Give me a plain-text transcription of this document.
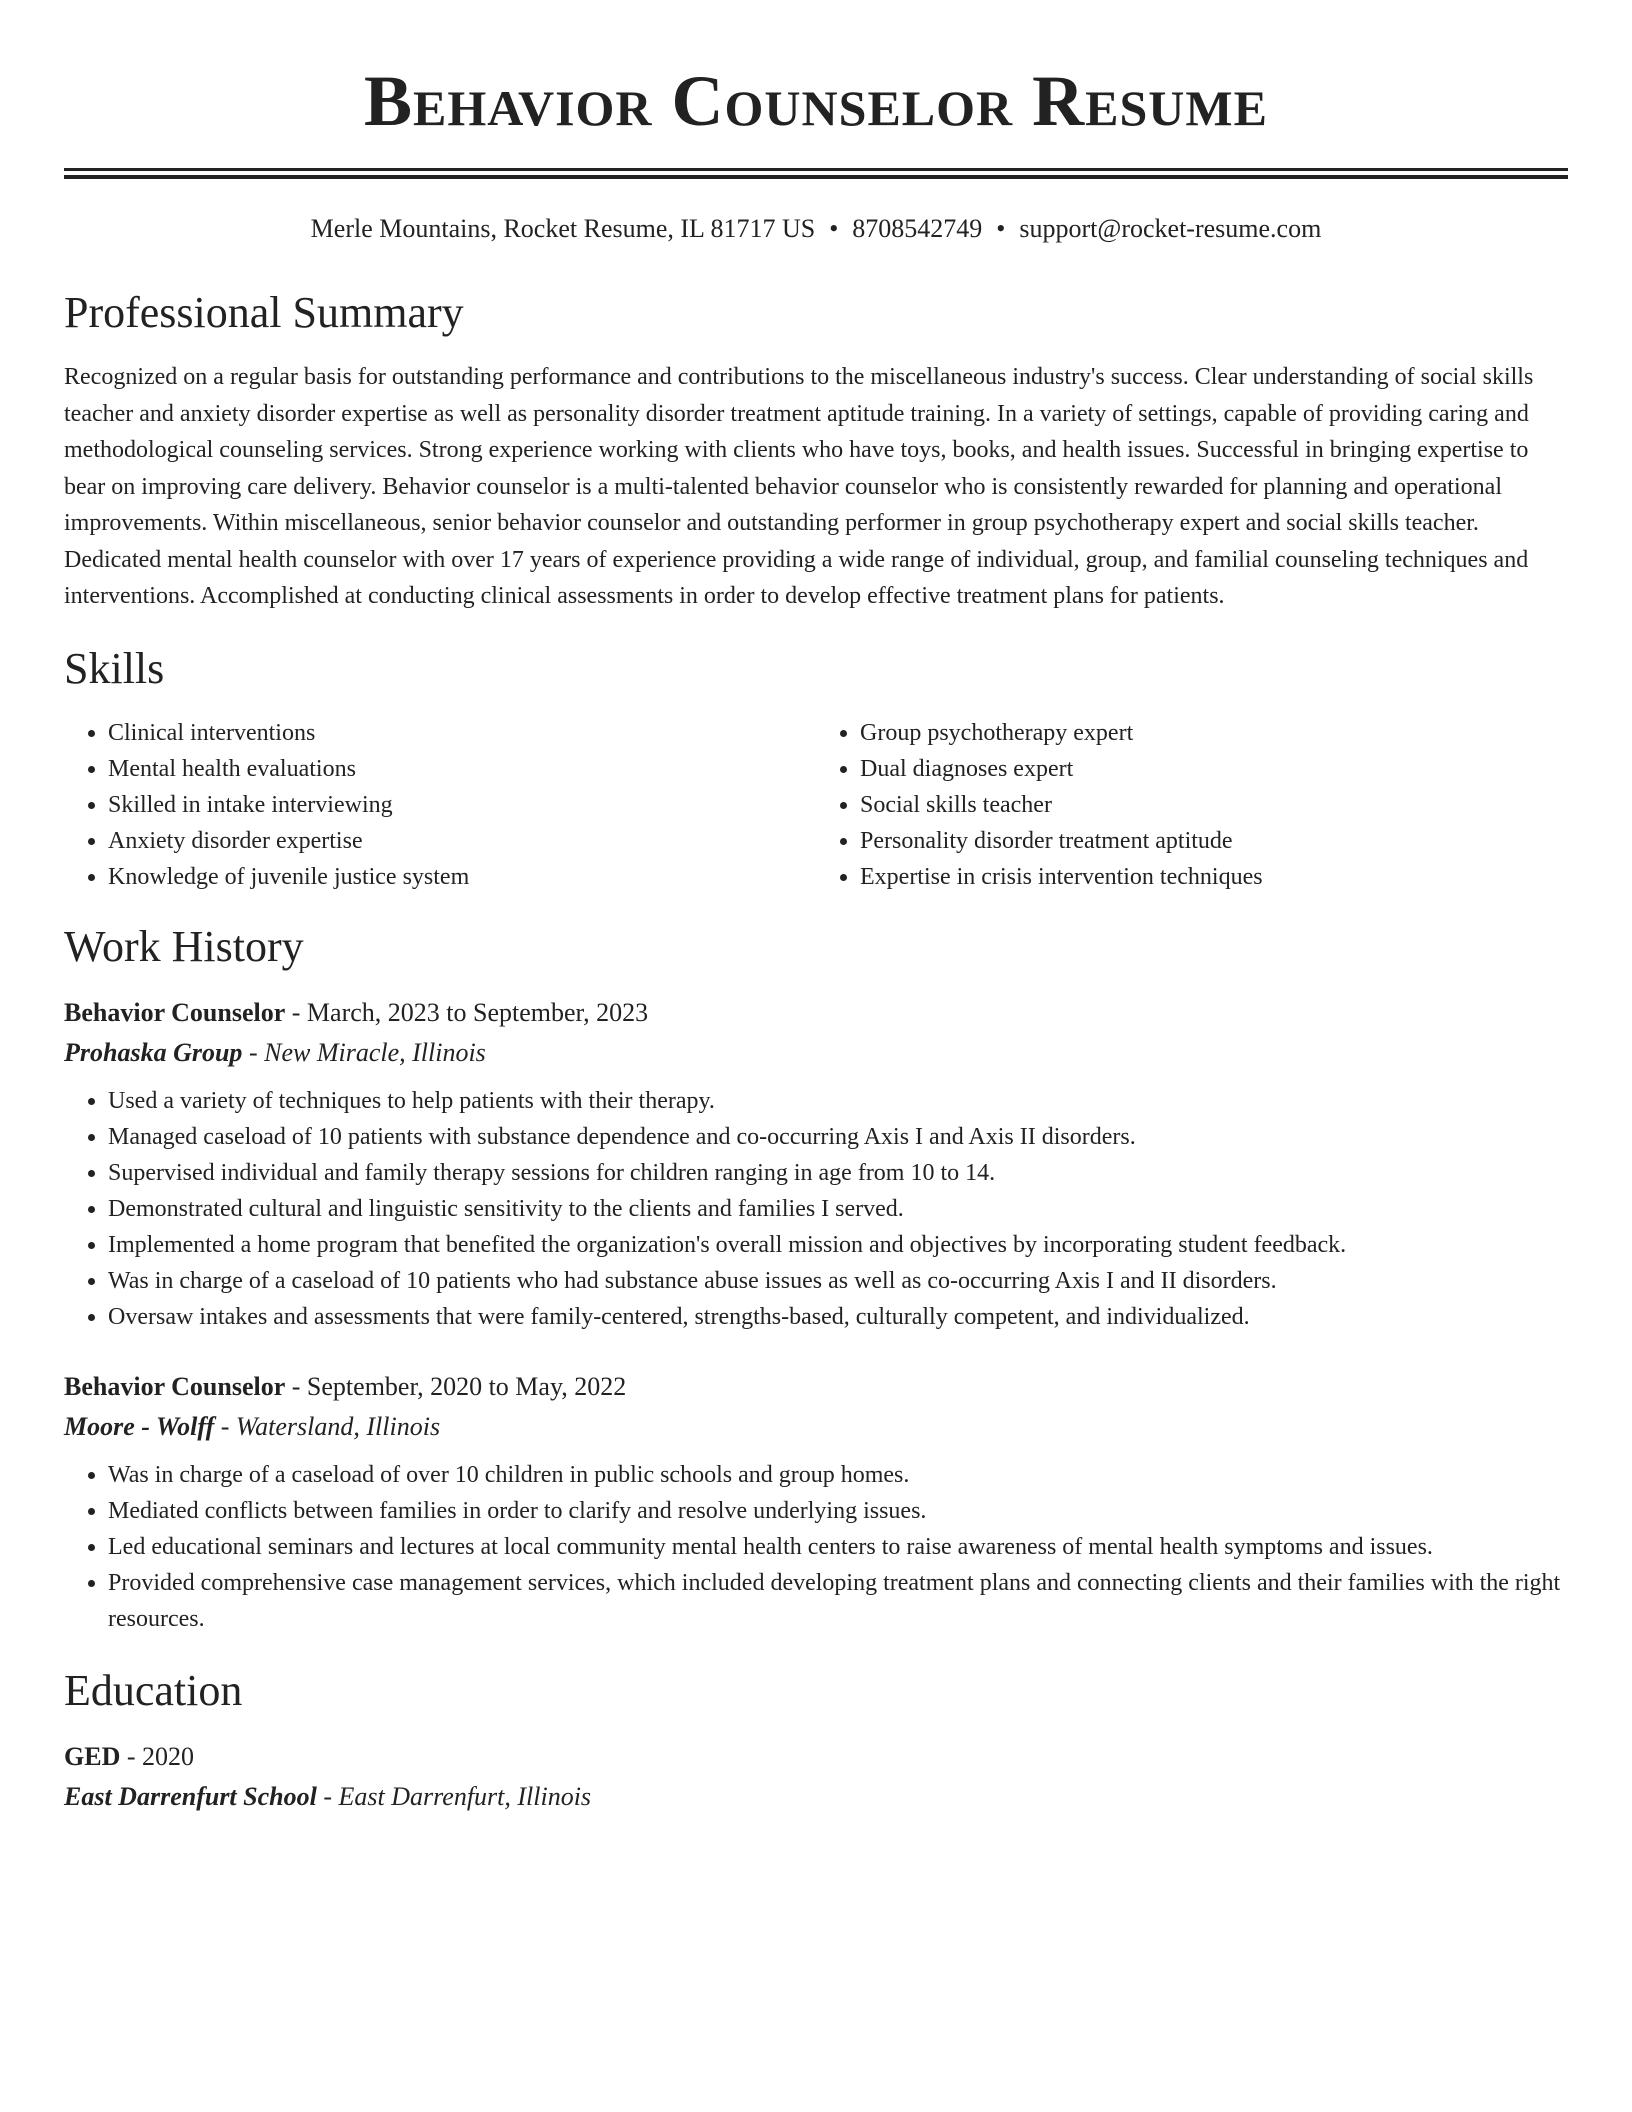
Behavior Counselor Resume
Merle Mountains, Rocket Resume, IL 81717 US • 8708542749 • support@rocket-resume.com
Professional Summary

Recognized on a regular basis for outstanding performance and contributions to the miscellaneous industry's success. Clear understanding of social skills teacher and anxiety disorder expertise as well as personality disorder treatment aptitude training. In a variety of settings, capable of providing caring and methodological counseling services. Strong experience working with clients who have toys, books, and health issues. Successful in bringing expertise to bear on improving care delivery. Behavior counselor is a multi-talented behavior counselor who is consistently rewarded for planning and operational improvements. Within miscellaneous, senior behavior counselor and outstanding performer in group psychotherapy expert and social skills teacher. Dedicated mental health counselor with over 17 years of experience providing a wide range of individual, group, and familial counseling techniques and interventions. Accomplished at conducting clinical assessments in order to develop effective treatment plans for patients.

Skills
• Clinical interventions
• Mental health evaluations
• Skilled in intake interviewing
• Anxiety disorder expertise
• Knowledge of juvenile justice system
• Group psychotherapy expert
• Dual diagnoses expert
• Social skills teacher
• Personality disorder treatment aptitude
• Expertise in crisis intervention techniques
Work History
Behavior Counselor - March, 2023 to September, 2023
Prohaska Group - New Miracle, Illinois
• Used a variety of techniques to help patients with their therapy.
• Managed caseload of 10 patients with substance dependence and co-occurring Axis I and Axis II disorders.
• Supervised individual and family therapy sessions for children ranging in age from 10 to 14.
• Demonstrated cultural and linguistic sensitivity to the clients and families I served.
• Implemented a home program that benefited the organization's overall mission and objectives by incorporating student feedback.
• Was in charge of a caseload of 10 patients who had substance abuse issues as well as co-occurring Axis I and II disorders.
• Oversaw intakes and assessments that were family-centered, strengths-based, culturally competent, and individualized.
Behavior Counselor - September, 2020 to May, 2022
Moore - Wolff - Watersland, Illinois
• Was in charge of a caseload of over 10 children in public schools and group homes.
• Mediated conflicts between families in order to clarify and resolve underlying issues.
• Led educational seminars and lectures at local community mental health centers to raise awareness of mental health symptoms and issues.
• Provided comprehensive case management services, which included developing treatment plans and connecting clients and their families with the right resources.
Education
GED - 2020
East Darrenfurt School - East Darrenfurt, Illinois
